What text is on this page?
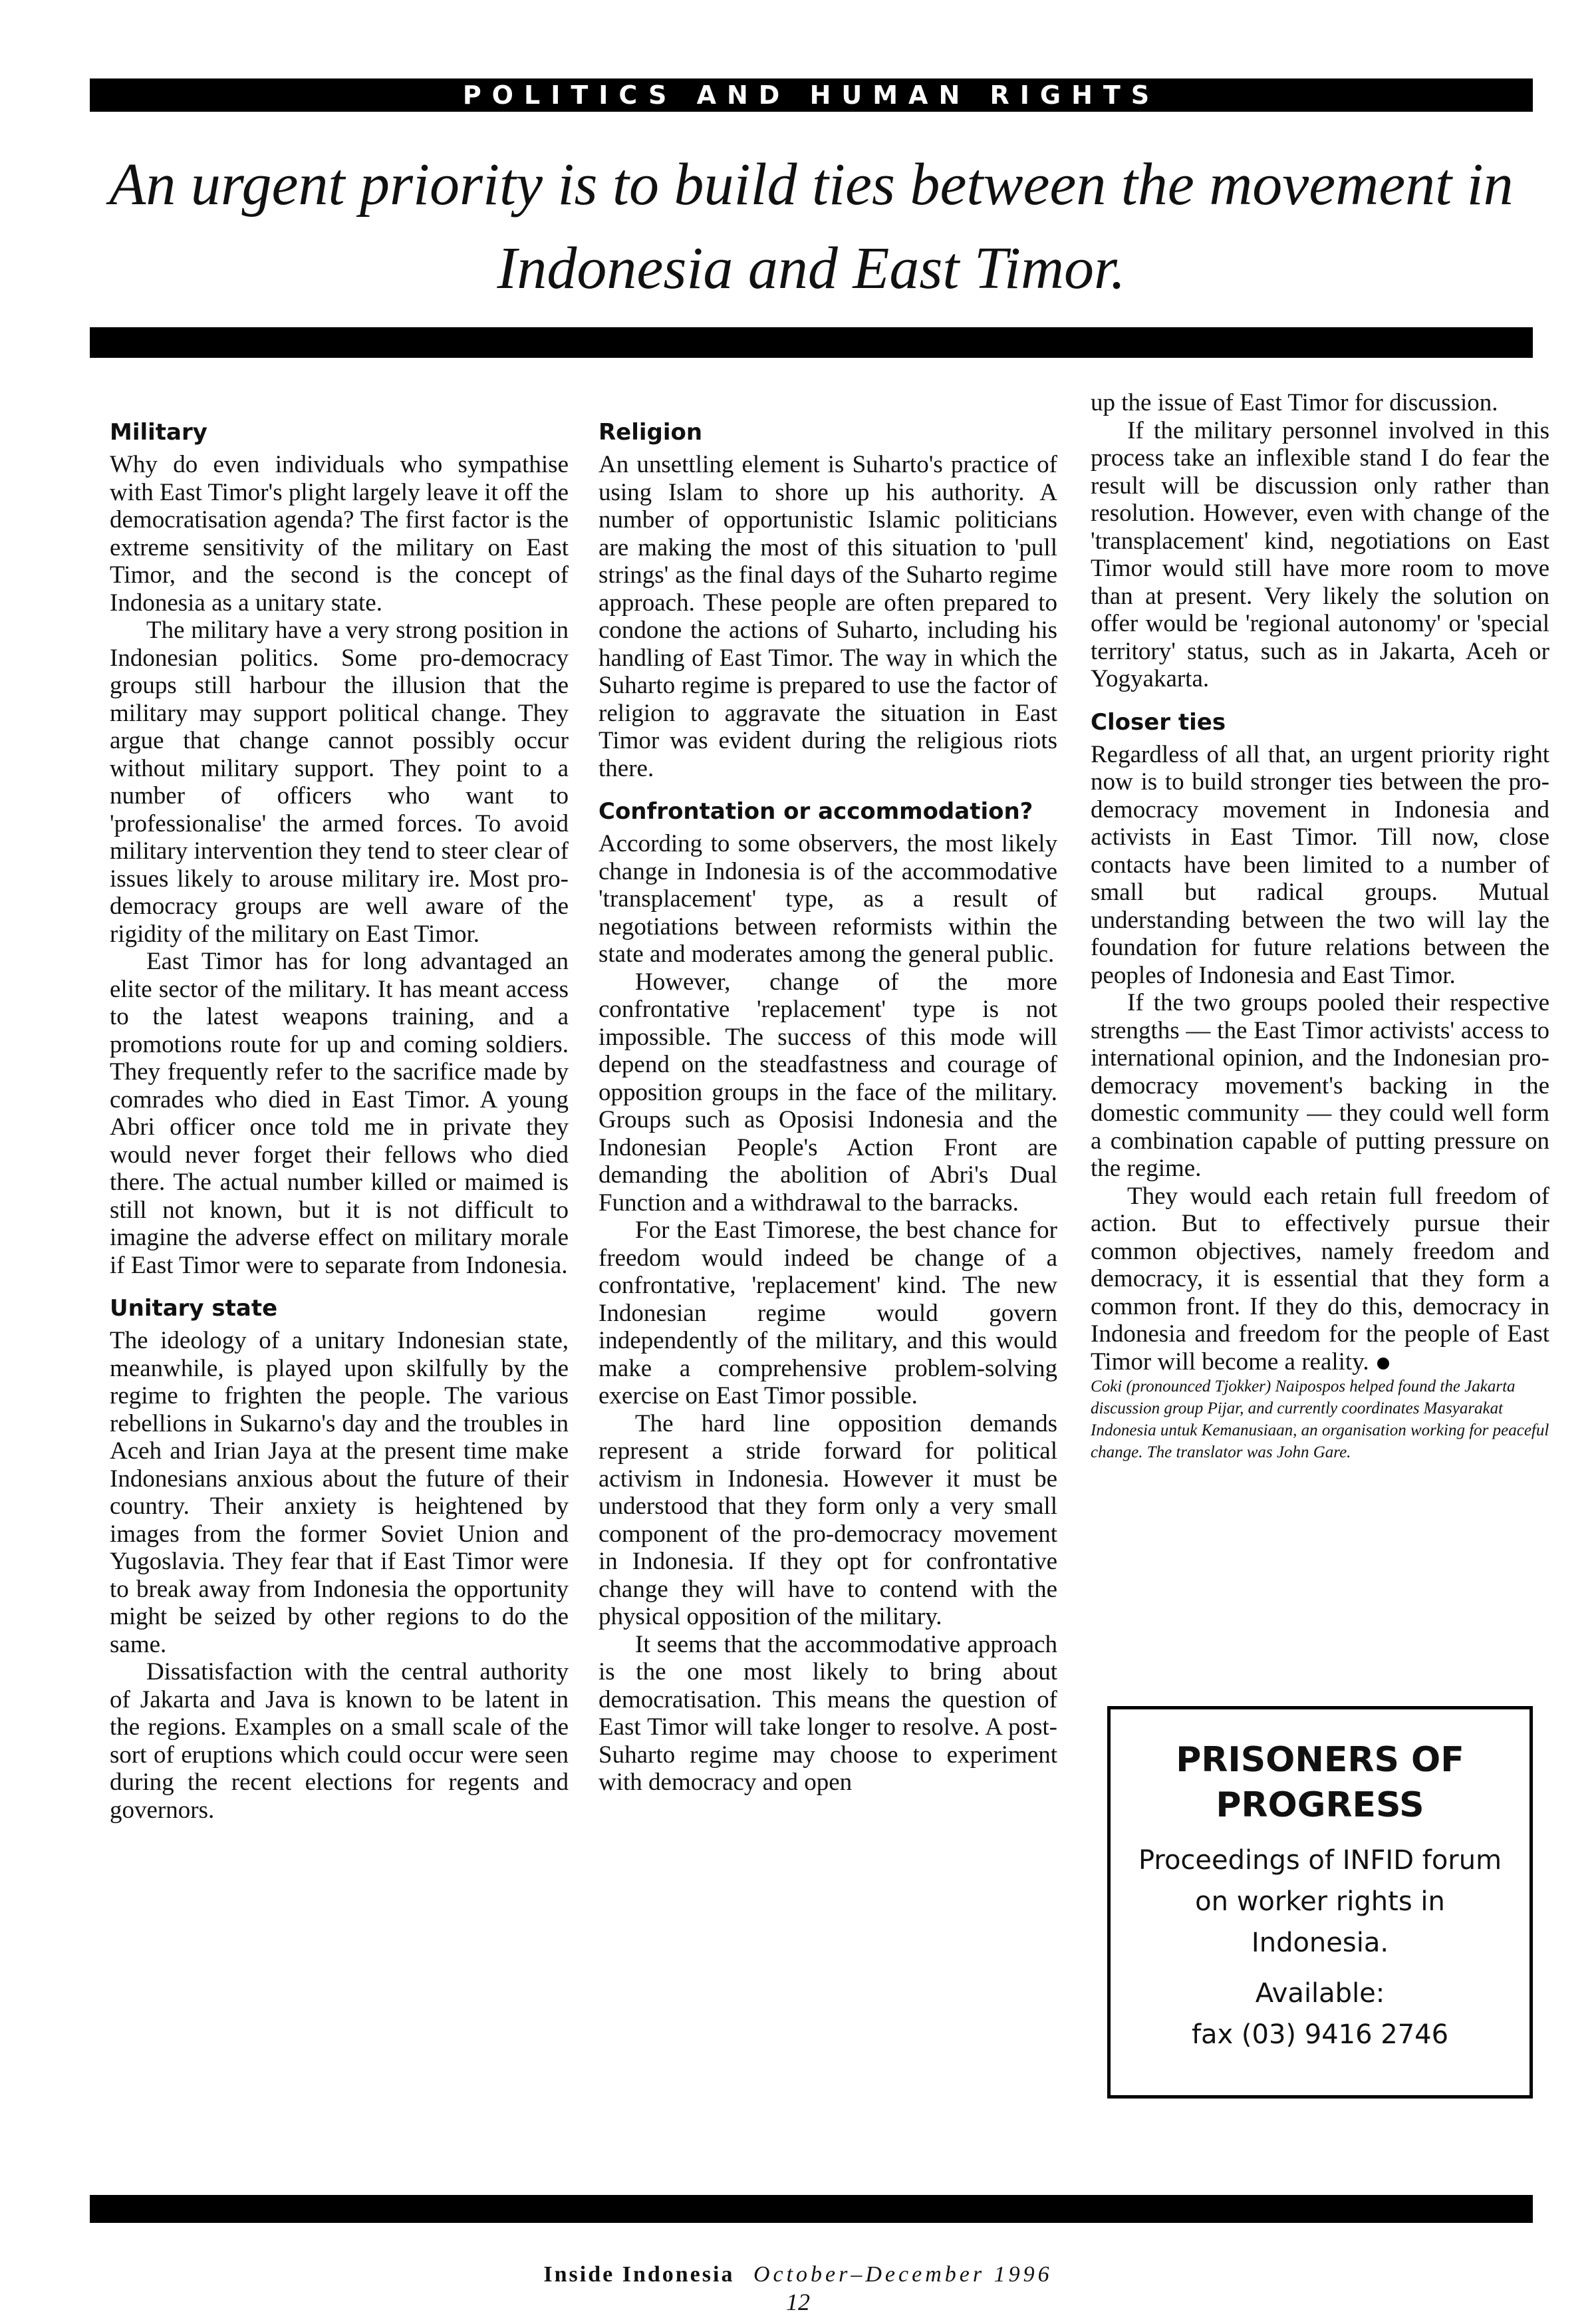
POLITICS AND HUMAN RIGHTS
An urgent priority is to build ties between the movement in Indonesia and East Timor.
Military

Why do even individuals who sympathise with East Timor's plight largely leave it off the democratisation agenda? The first factor is the extreme sensitivity of the military on East Timor, and the second is the concept of Indonesia as a unitary state.

The military have a very strong position in Indonesian politics. Some pro-democracy groups still harbour the illusion that the military may support political change. They argue that change cannot possibly occur without military support. They point to a number of officers who want to 'professionalise' the armed forces. To avoid military intervention they tend to steer clear of issues likely to arouse military ire. Most pro-democracy groups are well aware of the rigidity of the military on East Timor.

East Timor has for long advantaged an elite sector of the military. It has meant access to the latest weapons training, and a promotions route for up and coming soldiers. They frequently refer to the sacrifice made by comrades who died in East Timor. A young Abri officer once told me in private they would never forget their fellows who died there. The actual number killed or maimed is still not known, but it is not difficult to imagine the adverse effect on military morale if East Timor were to separate from Indonesia.

Unitary state

The ideology of a unitary Indonesian state, meanwhile, is played upon skilfully by the regime to frighten the people. The various rebellions in Sukarno's day and the troubles in Aceh and Irian Jaya at the present time make Indonesians anxious about the future of their country. Their anxiety is heightened by images from the former Soviet Union and Yugoslavia. They fear that if East Timor were to break away from Indonesia the opportunity might be seized by other regions to do the same.

Dissatisfaction with the central authority of Jakarta and Java is known to be latent in the regions. Examples on a small scale of the sort of eruptions which could occur were seen during the recent elections for regents and governors.

Religion

An unsettling element is Suharto's practice of using Islam to shore up his authority. A number of opportunistic Islamic politicians are making the most of this situation to 'pull strings' as the final days of the Suharto regime approach. These people are often prepared to condone the actions of Suharto, including his handling of East Timor. The way in which the Suharto regime is prepared to use the factor of religion to aggravate the situation in East Timor was evident during the religious riots there.

Confrontation or accommodation?

According to some observers, the most likely change in Indonesia is of the accommodative 'transplacement' type, as a result of negotiations between reformists within the state and moderates among the general public.

However, change of the more confrontative 'replacement' type is not impossible. The success of this mode will depend on the steadfastness and courage of opposition groups in the face of the military. Groups such as Oposisi Indonesia and the Indonesian People's Action Front are demanding the abolition of Abri's Dual Function and a withdrawal to the barracks.

For the East Timorese, the best chance for freedom would indeed be change of a confrontative, 'replacement' kind. The new Indonesian regime would govern independently of the military, and this would make a comprehensive problem-solving exercise on East Timor possible.

The hard line opposition demands represent a stride forward for political activism in Indonesia. However it must be understood that they form only a very small component of the pro-democracy movement in Indonesia. If they opt for confrontative change they will have to contend with the physical opposition of the military.

It seems that the accommodative approach is the one most likely to bring about democratisation. This means the question of East Timor will take longer to resolve. A post-Suharto regime may choose to experiment with democracy and open

up the issue of East Timor for discussion.

If the military personnel involved in this process take an inflexible stand I do fear the result will be discussion only rather than resolution. However, even with change of the 'transplacement' kind, negotiations on East Timor would still have more room to move than at present. Very likely the solution on offer would be 'regional autonomy' or 'special territory' status, such as in Jakarta, Aceh or Yogyakarta.

Closer ties

Regardless of all that, an urgent priority right now is to build stronger ties between the pro-democracy movement in Indonesia and activists in East Timor. Till now, close contacts have been limited to a number of small but radical groups. Mutual understanding between the two will lay the foundation for future relations between the peoples of Indonesia and East Timor.

If the two groups pooled their respective strengths — the East Timor activists' access to international opinion, and the Indonesian pro-democracy movement's backing in the domestic community — they could well form a combination capable of putting pressure on the regime.

They would each retain full freedom of action. But to effectively pursue their common objectives, namely freedom and democracy, it is essential that they form a common front. If they do this, democracy in Indonesia and freedom for the people of East Timor will become a reality.

Coki (pronounced Tjokker) Naipospos helped found the Jakarta discussion group Pijar, and currently coordinates Masyarakat Indonesia untuk Kemanusiaan, an organisation working for peaceful change. The translator was John Gare.

PRISONERS OF
PROGRESS
Proceedings of INFID forum
on worker rights in
Indonesia.
Available:
fax (03) 9416 2746
Inside Indonesia October–December 1996
12
